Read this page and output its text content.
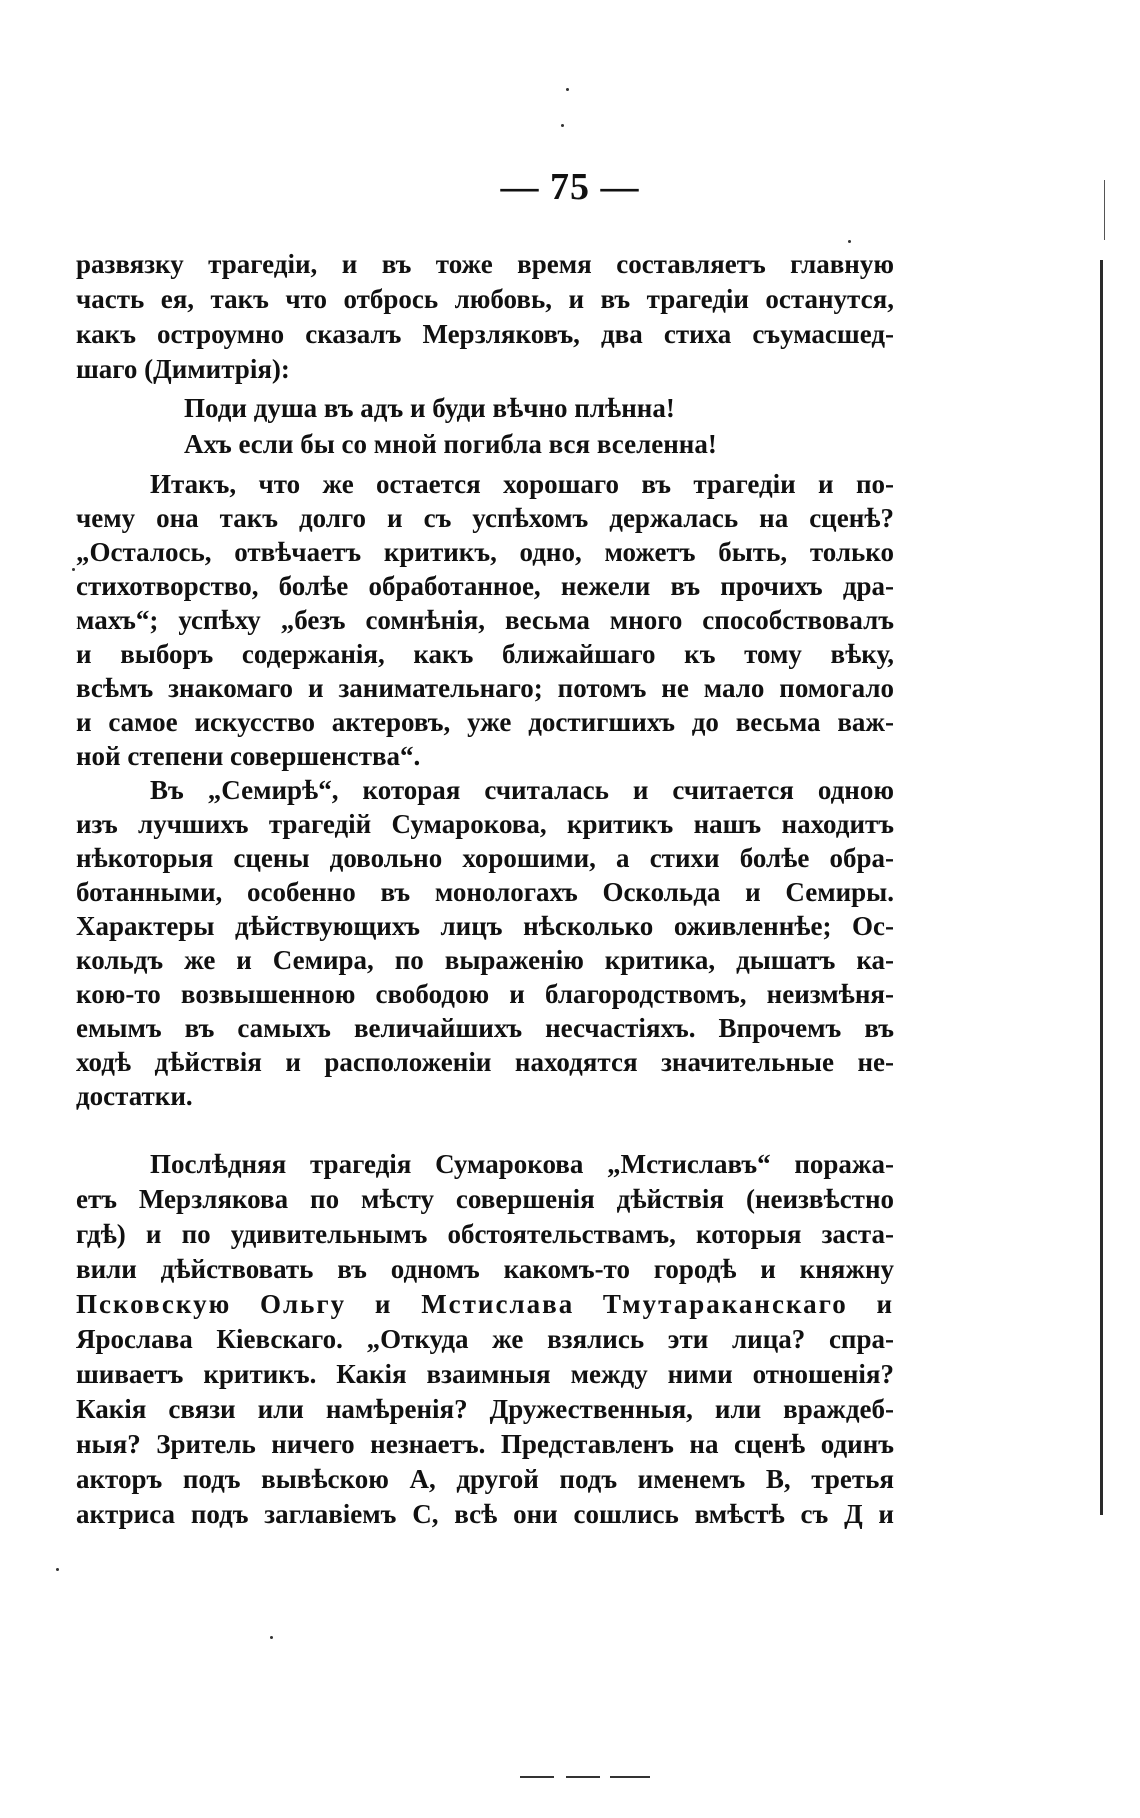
— 75 —
развязку трагедіи, и въ тоже время составляетъ главную
часть ея, такъ что отбрось любовь, и въ трагедіи останутся,
какъ остроумно сказалъ Мерзляковъ, два стиха съумасшед-
шаго (Димитрія):
Поди душа въ адъ и буди вѣчно плѣнна!
Ахъ если бы со мной погибла вся вселенна!
Итакъ, что же остается хорошаго въ трагедіи и по-
чему она такъ долго и съ успѣхомъ держалась на сценѣ?
„Осталось, отвѣчаетъ критикъ, одно, можетъ быть, только
стихотворство, болѣе обработанное, нежели въ прочихъ дра-
махъ“; успѣху „безъ сомнѣнія, весьма много способствовалъ
и выборъ содержанія, какъ ближайшаго къ тому вѣку,
всѣмъ знакомаго и занимательнаго; потомъ не мало помогало
и самое искусство актеровъ, уже достигшихъ до весьма важ-
ной степени совершенства“.
Въ „Семирѣ“, которая считалась и считается одною
изъ лучшихъ трагедій Сумарокова, критикъ нашъ находитъ
нѣкоторыя сцены довольно хорошими, а стихи болѣе обра-
ботанными, особенно въ монологахъ Оскольда и Семиры.
Характеры дѣйствующихъ лицъ нѣсколько оживленнѣе; Ос-
кольдъ же и Семира, по выраженію критика, дышатъ ка-
кою-то возвышенною свободою и благородствомъ, неизмѣня-
емымъ въ самыхъ величайшихъ несчастіяхъ. Впрочемъ въ
ходѣ дѣйствія и расположеніи находятся значительные не-
достатки.
Послѣдняя трагедія Сумарокова „Мстиславъ“ поража-
етъ Мерзлякова по мѣсту совершенія дѣйствія (неизвѣстно
гдѣ) и по удивительнымъ обстоятельствамъ, которыя заста-
вили дѣйствовать въ одномъ какомъ-то городѣ и княжну
Псковскую Ольгу и Мстислава Тмутараканскаго и
Ярослава Кіевскаго. „Откуда же взялись эти лица? спра-
шиваетъ критикъ. Какія взаимныя между ними отношенія?
Какія связи или намѣренія? Дружественныя, или враждеб-
ныя? Зритель ничего незнаетъ. Представленъ на сценѣ одинъ
акторъ подъ вывѣскою А, другой подъ именемъ В, третья
актриса подъ заглавіемъ С, всѣ они сошлись вмѣстѣ съ Д и
